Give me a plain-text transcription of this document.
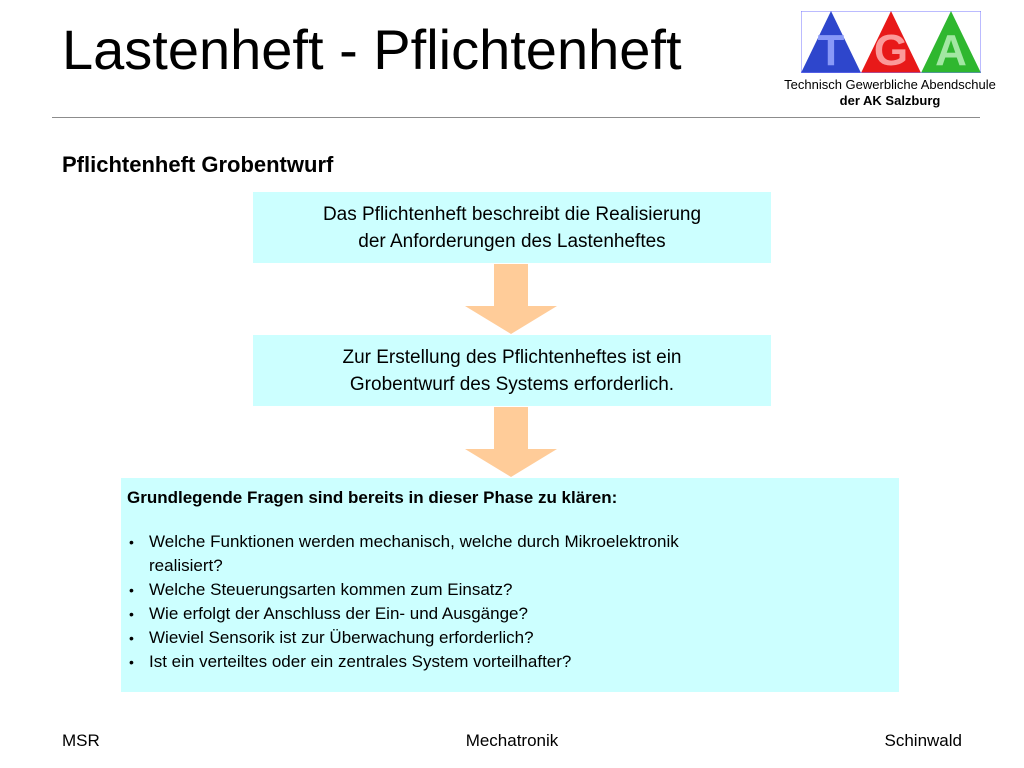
Lastenheft - Pflichtenheft	T G A
Technisch Gewerbliche Abendschule
der AK Salzburg
Pflichtenheft Grobentwurf
Das Pflichtenheft beschreibt die Realisierung
der Anforderungen des Lastenheftes
Zur Erstellung des Pflichtenheftes ist ein
Grobentwurf des Systems erforderlich.

Grundlegende Fragen sind bereits in dieser Phase zu klären:

• Welche Funktionen werden mechanisch, welche durch Mikroelektronik
realisiert?
• Welche Steuerungsarten kommen zum Einsatz?
• Wie erfolgt der Anschluss der Ein- und Ausgänge?
• Wieviel Sensorik ist zur Überwachung erforderlich?
• Ist ein verteiltes oder ein zentrales System vorteilhafter?
MSR	Mechatronik	Schinwald
